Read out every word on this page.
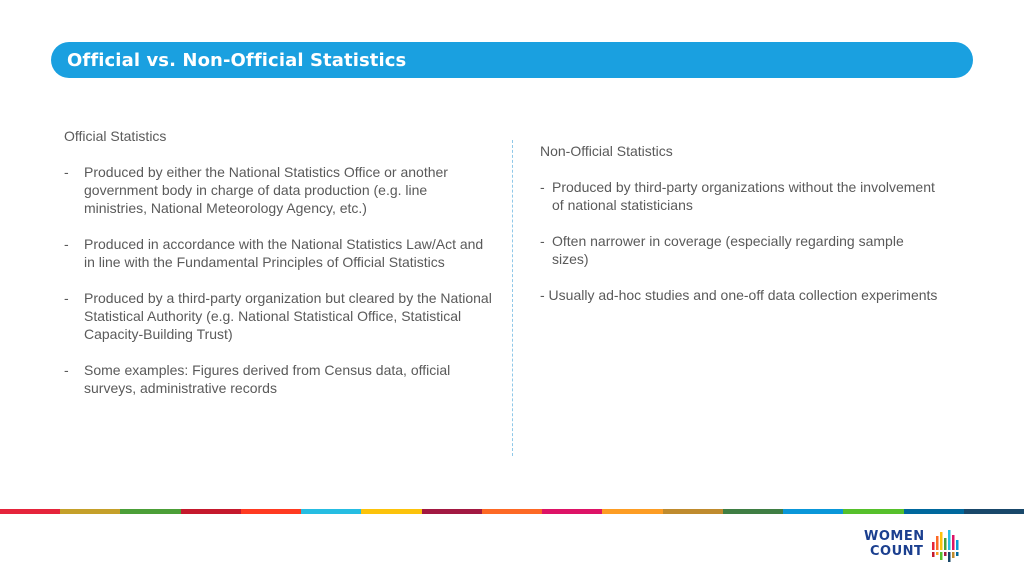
Official vs. Non-Official Statistics

Official Statistics

- Produced by either the National Statistics Office or another government body in charge of data production (e.g. line ministries, National Meteorology Agency, etc.)
- Produced in accordance with the National Statistics Law/Act and in line with the Fundamental Principles of Official Statistics
- Produced by a third-party organization but cleared by the National Statistical Authority (e.g. National Statistical Office, Statistical Capacity-Building Trust)
- Some examples: Figures derived from Census data, official surveys, administrative records

Non-Official Statistics

- Produced by third-party organizations without the involvement of national statisticians
- Often narrower in coverage (especially regarding sample sizes)

- Usually ad-hoc studies and one-off data collection experiments

WOMEN
COUNT
